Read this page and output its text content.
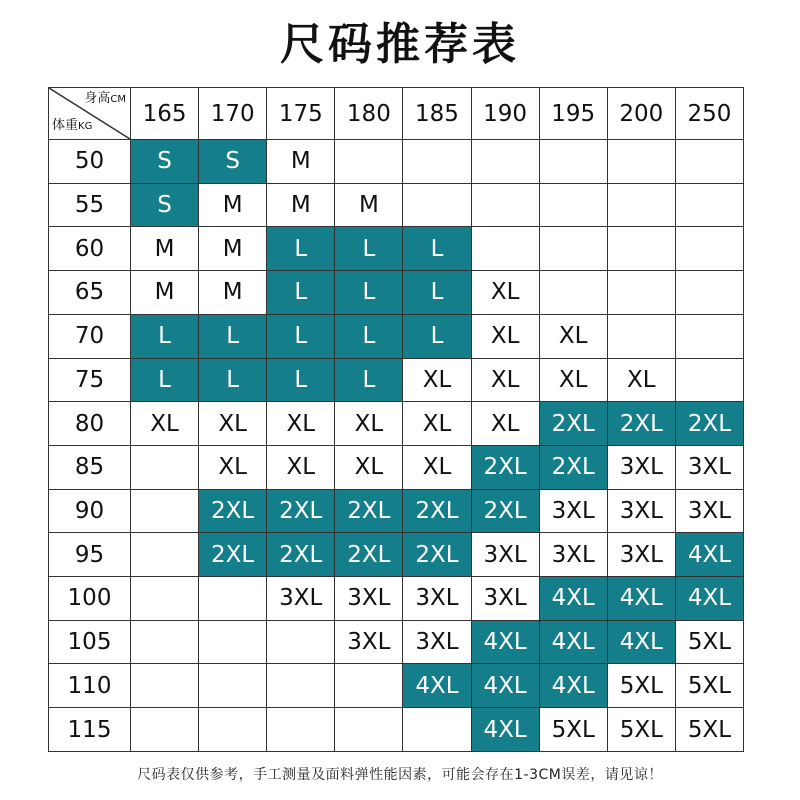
尺码推荐表
身高CM
体重KG	165	170	175	180	185	190	195	200	250
50	S	S	M						
55	S	M	M	M					
60	M	M	L	L	L				
65	M	M	L	L	L	XL			
70	L	L	L	L	L	XL	XL		
75	L	L	L	L	XL	XL	XL	XL	
80	XL	XL	XL	XL	XL	XL	2XL	2XL	2XL
85		XL	XL	XL	XL	2XL	2XL	3XL	3XL
90		2XL	2XL	2XL	2XL	2XL	3XL	3XL	3XL
95		2XL	2XL	2XL	2XL	3XL	3XL	3XL	4XL
100			3XL	3XL	3XL	3XL	4XL	4XL	4XL
105				3XL	3XL	4XL	4XL	4XL	5XL
110					4XL	4XL	4XL	5XL	5XL
115						4XL	5XL	5XL	5XL
尺码表仅供参考，手工测量及面料弹性能因素，可能会存在1-3CM误差，请见谅！
